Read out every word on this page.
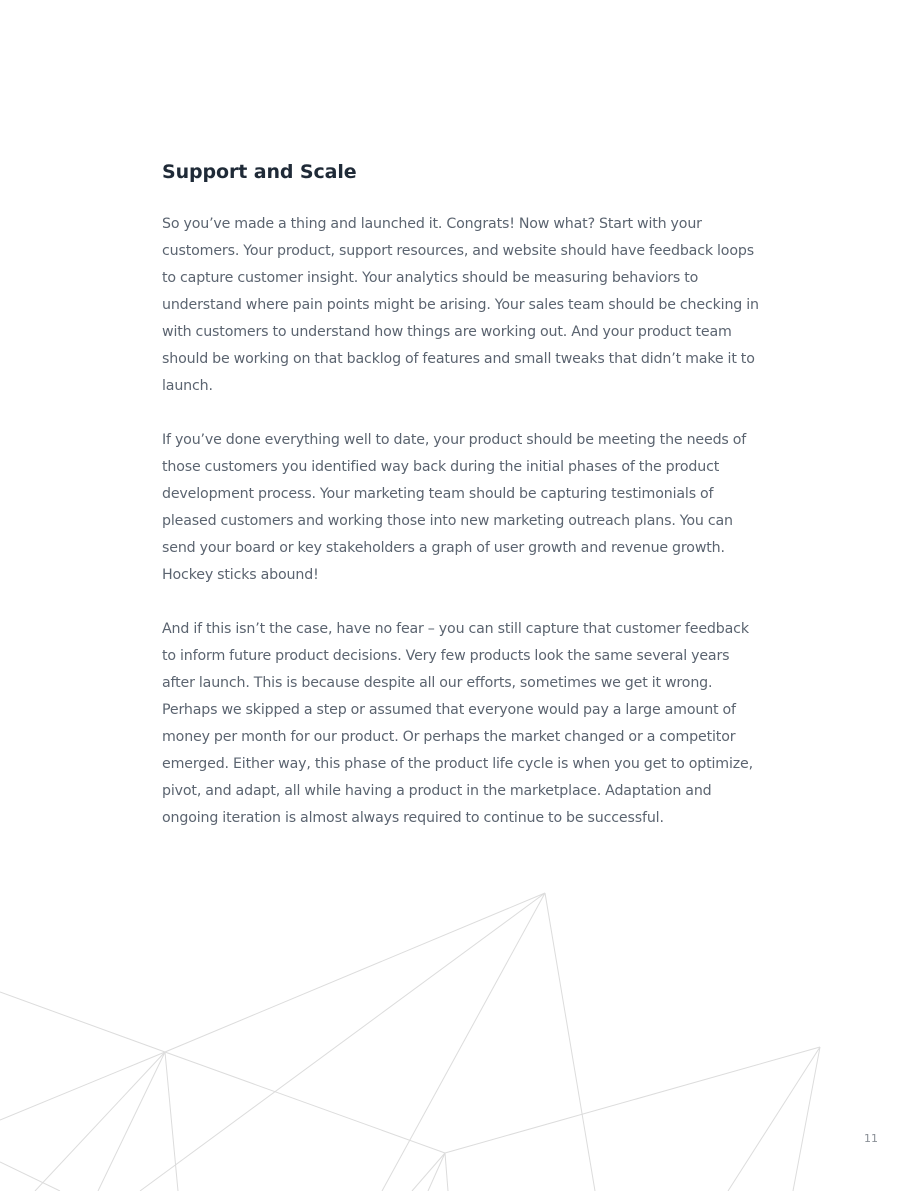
Support and Scale

So you’ve made a thing and launched it. Congrats! Now what? Start with your customers. Your product, support resources, and website should have feedback loops to capture customer insight. Your analytics should be measuring behaviors to understand where pain points might be arising. Your sales team should be checking in with customers to understand how things are working out. And your product team should be working on that backlog of features and small tweaks that didn’t make it to launch.

If you’ve done everything well to date, your product should be meeting the needs of those customers you identified way back during the initial phases of the product development process. Your marketing team should be capturing testimonials of pleased customers and working those into new marketing outreach plans. You can send your board or key stakeholders a graph of user growth and revenue growth. Hockey sticks abound!

And if this isn’t the case, have no fear – you can still capture that customer feedback to inform future product decisions. Very few products look the same several years after launch. This is because despite all our efforts, sometimes we get it wrong. Perhaps we skipped a step or assumed that everyone would pay a large amount of money per month for our product. Or perhaps the market changed or a competitor emerged. Either way, this phase of the product life cycle is when you get to optimize, pivot, and adapt, all while having a product in the marketplace. Adaptation and ongoing iteration is almost always required to continue to be successful.

11
